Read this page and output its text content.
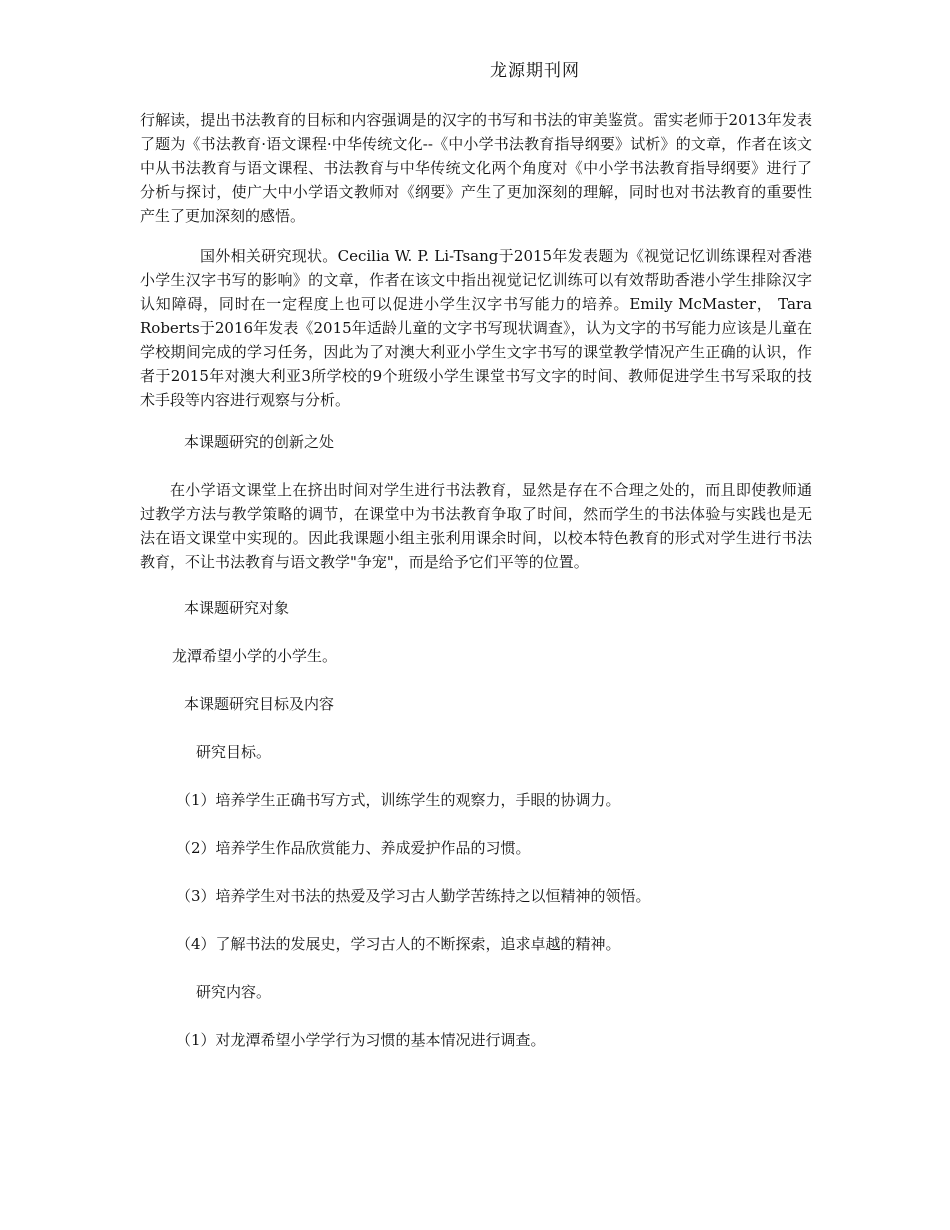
龙源期刊网

行解读，提出书法教育的目标和内容强调是的汉字的书写和书法的审美鉴赏。雷实老师于2013年发表了题为《书法教育·语文课程·中华传统文化--《中小学书法教育指导纲要》试析》的文章，作者在该文中从书法教育与语文课程、书法教育与中华传统文化两个角度对《中小学书法教育指导纲要》进行了分析与探讨，使广大中小学语文教师对《纲要》产生了更加深刻的理解，同时也对书法教育的重要性产生了更加深刻的感悟。

国外相关研究现状。Cecilia W. P. Li-Tsang于2015年发表题为《视觉记忆训练课程对香港小学生汉字书写的影响》的文章，作者在该文中指出视觉记忆训练可以有效帮助香港小学生排除汉字认知障碍，同时在一定程度上也可以促进小学生汉字书写能力的培养。Emily McMaster， Tara Roberts于2016年发表《2015年适龄儿童的文字书写现状调查》，认为文字的书写能力应该是儿童在学校期间完成的学习任务，因此为了对澳大利亚小学生文字书写的课堂教学情况产生正确的认识，作者于2015年对澳大利亚3所学校的9个班级小学生课堂书写文字的时间、教师促进学生书写采取的技术手段等内容进行观察与分析。

本课题研究的创新之处

在小学语文课堂上在挤出时间对学生进行书法教育，显然是存在不合理之处的，而且即使教师通过教学方法与教学策略的调节，在课堂中为书法教育争取了时间，然而学生的书法体验与实践也是无法在语文课堂中实现的。因此我课题小组主张利用课余时间，以校本特色教育的形式对学生进行书法教育，不让书法教育与语文教学"争宠"，而是给予它们平等的位置。

本课题研究对象
龙潭希望小学的小学生。
本课题研究目标及内容
研究目标。
（1）培养学生正确书写方式，训练学生的观察力，手眼的协调力。
（2）培养学生作品欣赏能力、养成爱护作品的习惯。
（3）培养学生对书法的热爱及学习古人勤学苦练持之以恒精神的领悟。
（4）了解书法的发展史，学习古人的不断探索，追求卓越的精神。
研究内容。
（1）对龙潭希望小学学行为习惯的基本情况进行调查。
